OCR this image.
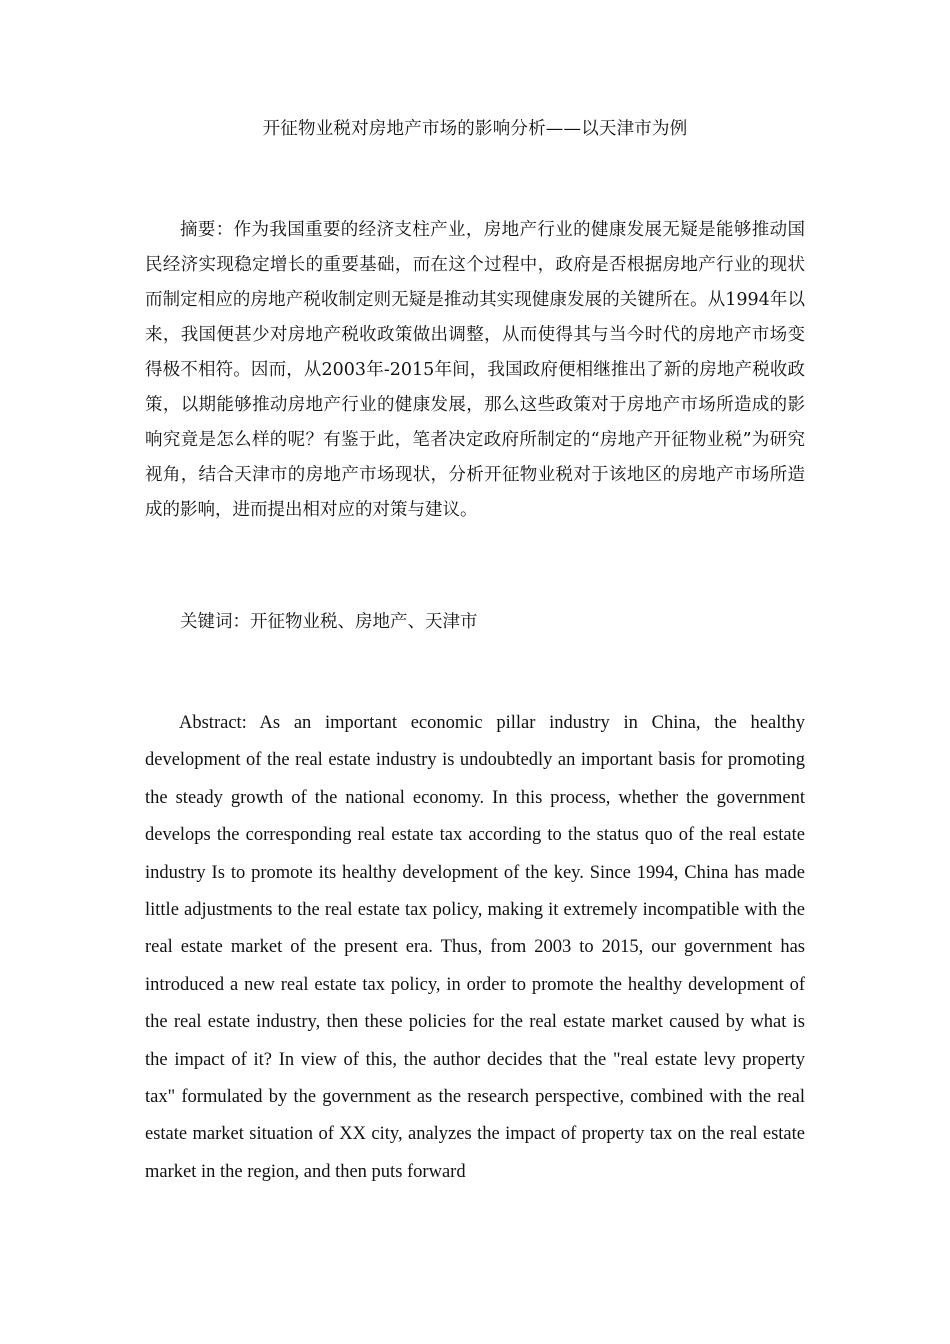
开征物业税对房地产市场的影响分析——以天津市为例

摘要：作为我国重要的经济支柱产业，房地产行业的健康发展无疑是能够推动国民经济实现稳定增长的重要基础，而在这个过程中，政府是否根据房地产行业的现状而制定相应的房地产税收制定则无疑是推动其实现健康发展的关键所在。从1994年以来，我国便甚少对房地产税收政策做出调整，从而使得其与当今时代的房地产市场变得极不相符。因而，从2003年-2015年间，我国政府便相继推出了新的房地产税收政策，以期能够推动房地产行业的健康发展，那么这些政策对于房地产市场所造成的影响究竟是怎么样的呢？有鉴于此，笔者决定政府所制定的“房地产开征物业税”为研究视角，结合天津市的房地产市场现状，分析开征物业税对于该地区的房地产市场所造成的影响，进而提出相对应的对策与建议。

关键词：开征物业税、房地产、天津市

Abstract: As an important economic pillar industry in China, the healthy development of the real estate industry is undoubtedly an important basis for promoting the steady growth of the national economy. In this process, whether the government develops the corresponding real estate tax according to the status quo of the real estate industry Is to promote its healthy development of the key. Since 1994, China has made little adjustments to the real estate tax policy, making it extremely incompatible with the real estate market of the present era. Thus, from 2003 to 2015, our government has introduced a new real estate tax policy, in order to promote the healthy development of the real estate industry, then these policies for the real estate market caused by what is the impact of it? In view of this, the author decides that the "real estate levy property tax" formulated by the government as the research perspective, combined with the real estate market situation of XX city, analyzes the impact of property tax on the real estate market in the region, and then puts forward
